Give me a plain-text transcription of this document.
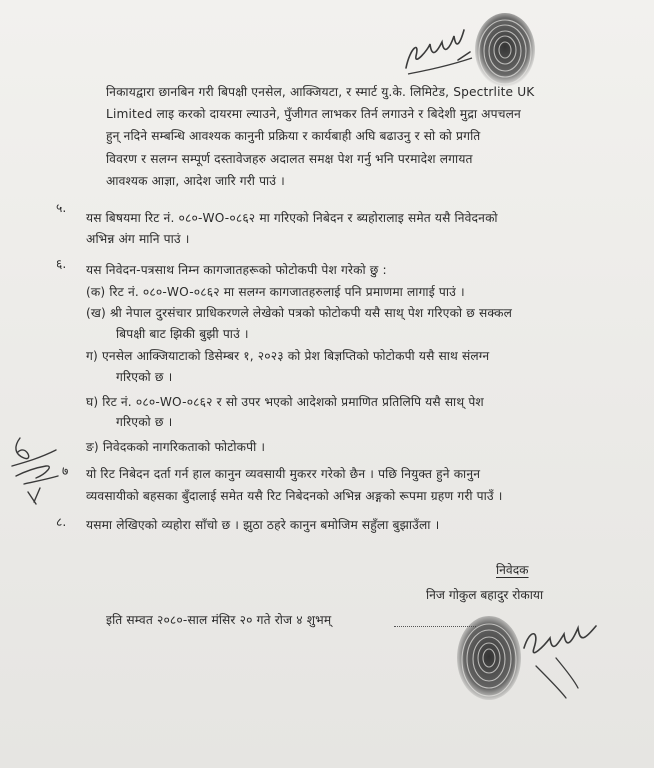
निकायद्वारा छानबिन गरी बिपक्षी एनसेल, आक्जियटा, र स्मार्ट यु.के. लिमिटेड, Spectrlite UK
Limited लाइ करको दायरमा ल्याउने, पुँजीगत लाभकर तिर्न लगाउने र बिदेशी मुद्रा अपचलन
हुन् नदिने सम्बन्धि आवश्यक कानुनी प्रक्रिया र कार्यबाही अघि बढाउनु र सो को प्रगति
विवरण र सलग्न सम्पूर्ण दस्तावेजहरु अदालत समक्ष पेश गर्नु भनि परमादेश लगायत
आवश्यक आज्ञा, आदेश जारि गरी पाउं ।
५.
यस बिषयमा रिट नं. ०८०-WO-०८६२ मा गरिएको निबेदन र ब्यहोरालाइ समेत यसै निवेदनको
अभिन्न अंग मानि पाउं ।
६. यस निवेदन-पत्रसाथ निम्न कागजातहरूको फोटोकपी पेश गरेको छु :
(क) रिट नं. ०८०-WO-०८६२ मा सलग्न कागजातहरुलाई पनि प्रमाणमा लागाई पाउं ।
(ख) श्री नेपाल दुरसंचार प्राधिकरणले लेखेको पत्रको फोटोकपी यसै साथ् पेश गरिएको छ सक्कल
बिपक्षी बाट झिकी बुझी पाउं ।
ग) एनसेल आक्जियाटाको डिसेम्बर १, २०२३ को प्रेश बिज्ञप्तिको फोटोकपी यसै साथ संलग्न
गरिएको छ ।
घ) रिट नं. ०८०-WO-०८६२ र सो उपर भएको आदेशको प्रमाणित प्रतिलिपि यसै साथ् पेश
गरिएको छ ।
ङ) निवेदकको नागरिकताको फोटोकपी ।
७ यो रिट निबेदन दर्ता गर्न हाल कानुन व्यवसायी मुकरर गरेको छैन । पछि नियुक्त हुने कानुन
व्यवसायीको बहसका बुँदालाई समेत यसै रिट निबेदनको अभिन्न अङ्गको रूपमा ग्रहण गरी पाउँ ।
८. यसमा लेखिएको व्यहोरा साँचो छ । झुठा ठहरे कानुन बमोजिम सहुँला बुझाउँला ।
निवेदक
निज गोकुल बहादुर रोकाया
इति सम्वत २०८०-साल मंसिर २० गते रोज ४ शुभम्
